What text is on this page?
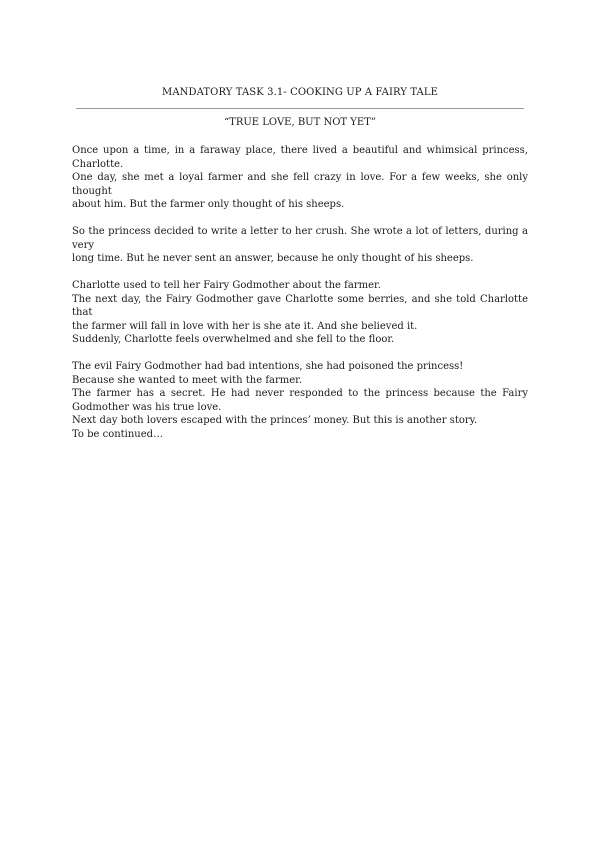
MANDATORY TASK 3.1- COOKING UP A FAIRY TALE
“TRUE LOVE, BUT NOT YET”
Once upon a time, in a faraway place, there lived a beautiful and whimsical princess,
Charlotte.
One day, she met a loyal farmer and she fell crazy in love. For a few weeks, she only thought
about him. But the farmer only thought of his sheeps.
So the princess decided to write a letter to her crush. She wrote a lot of letters, during a very
long time. But he never sent an answer, because he only thought of his sheeps.
Charlotte used to tell her Fairy Godmother about the farmer.
The next day, the Fairy Godmother gave Charlotte some berries, and she told Charlotte that
the farmer will fall in love with her is she ate it. And she believed it.
Suddenly, Charlotte feels overwhelmed and she fell to the floor.
The evil Fairy Godmother had bad intentions, she had poisoned the princess!
Because she wanted to meet with the farmer.
The farmer has a secret. He had never responded to the princess because the Fairy
Godmother was his true love.
Next day both lovers escaped with the princes’ money. But this is another story.
To be continued…
